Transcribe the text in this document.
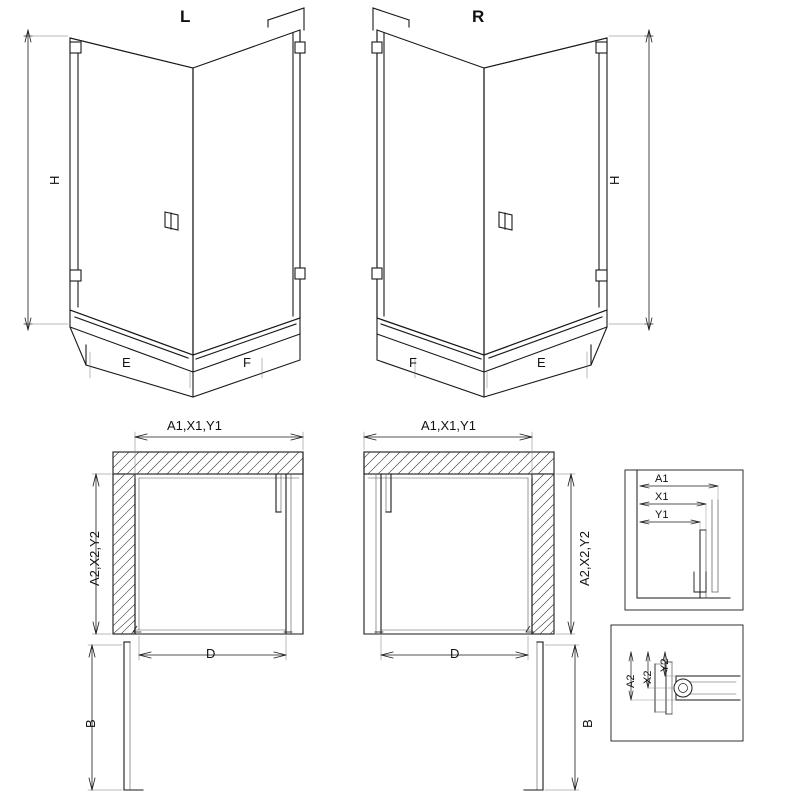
L	R
H	H
E	F	F	E
A1,X1,Y1
A2,X2,Y2
D
B
A1,X1,Y1
A2,X2,Y2
D
B
A1
X1
Y1
A2 X2
Y2
